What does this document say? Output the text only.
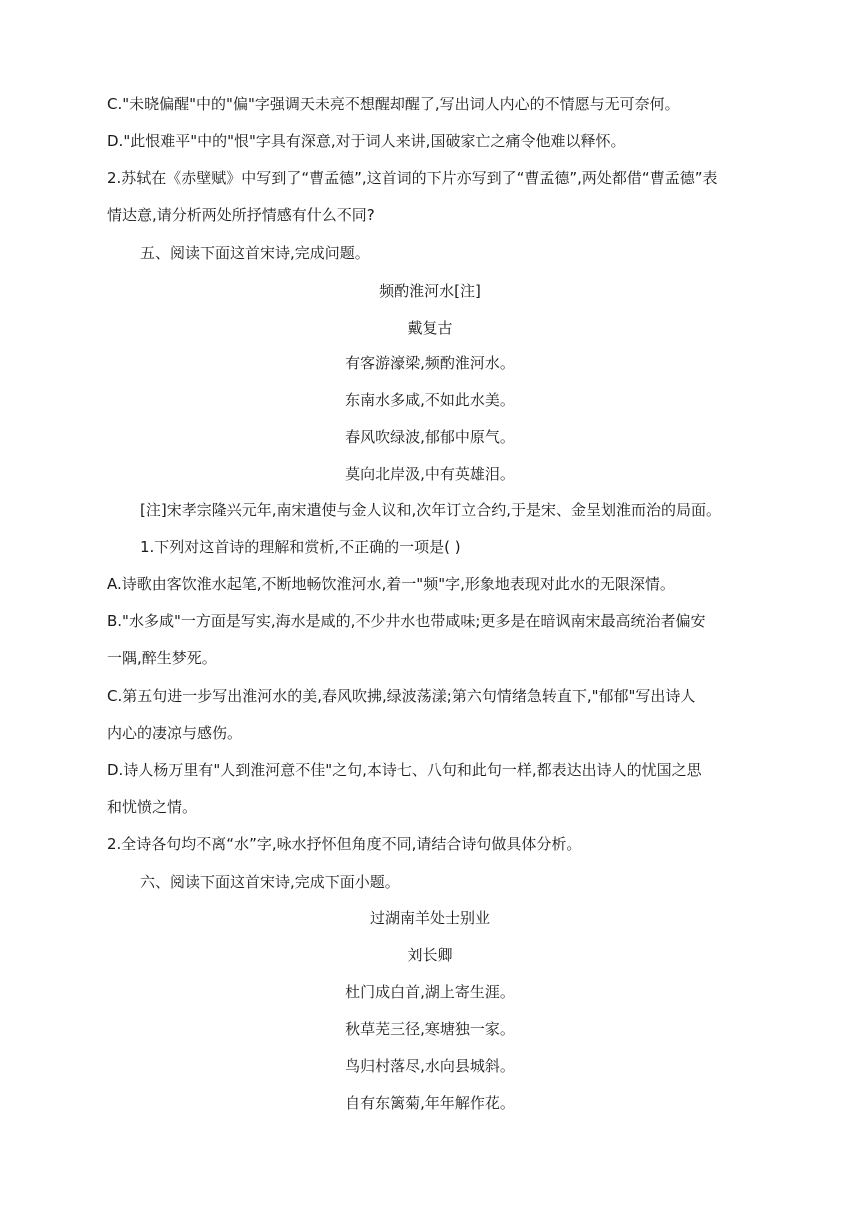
C."未晓偏醒"中的"偏"字强调天未亮不想醒却醒了,写出词人内心的不情愿与无可奈何。
D."此恨难平"中的"恨"字具有深意,对于词人来讲,国破家亡之痛令他难以释怀。
2.苏轼在《赤壁赋》中写到了“曹孟德”,这首词的下片亦写到了“曹孟德”,两处都借“曹孟德”表
情达意,请分析两处所抒情感有什么不同?
五、阅读下面这首宋诗,完成问题。
频酌淮河水[注]
戴复古
有客游濠梁,频酌淮河水。
东南水多咸,不如此水美。
春风吹绿波,郁郁中原气。
莫向北岸汲,中有英雄泪。
[注]宋孝宗隆兴元年,南宋遣使与金人议和,次年订立合约,于是宋、金呈划淮而治的局面。
1.下列对这首诗的理解和赏析,不正确的一项是( )
A.诗歌由客饮淮水起笔,不断地畅饮淮河水,着一"频"字,形象地表现对此水的无限深情。
B."水多咸"一方面是写实,海水是咸的,不少井水也带咸味;更多是在暗讽南宋最高统治者偏安
一隅,醉生梦死。
C.第五句进一步写出淮河水的美,春风吹拂,绿波荡漾;第六句情绪急转直下,"郁郁"写出诗人
内心的凄凉与感伤。
D.诗人杨万里有"人到淮河意不佳"之句,本诗七、八句和此句一样,都表达出诗人的忧国之思
和忧愤之情。
2.全诗各句均不离“水”字,咏水抒怀但角度不同,请结合诗句做具体分析。
六、阅读下面这首宋诗,完成下面小题。
过湖南羊处士别业
刘长卿
杜门成白首,湖上寄生涯。
秋草芜三径,寒塘独一家。
鸟归村落尽,水向县城斜。
自有东篱菊,年年解作花。
